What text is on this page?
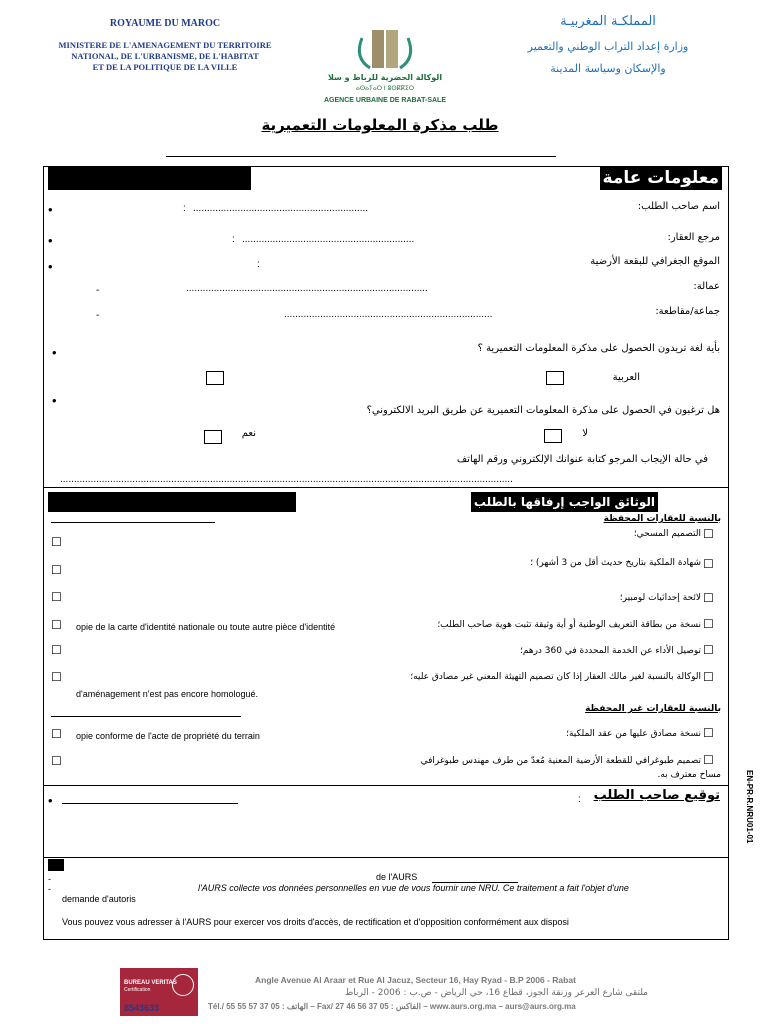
ROYAUME DU MAROC
MINISTERE DE L'AMENAGEMENT DU TERRITOIRE
NATIONAL, DE L'URBANISME, DE L'HABITAT
ET DE LA POLITIQUE DE LA VILLE
المملكـة المغربيـة
وزارة إعداد التراب الوطني والتعمير
والإسكان وسياسة المدينة
الوكالة الحضرية للرباط و سلا
ⴰⵙⴰⵢⴰⵔ ⵏ ⵓⵙⴽⴽⵉⵔ
AGENCE URBAINE DE RABAT-SALE
طلب مذكرة المعلومات التعميرية
معلومات عامة
•	: ...............................................................	اسم صاحب الطلب:
•	: ..............................................................	مرجع العقار:
•	:	الموقع الجغرافي للبقعة الأرضية
-	.......................................................................................	عمالة:
-	...........................................................................	جماعة/مقاطعة:
•	بأية لغة تريدون الحصول على مذكرة المعلومات التعميرية ؟
العربية
•
هل ترغبون في الحصول على مذكرة المعلومات التعميرية عن طريق البريد الالكتروني؟
نعم	لا
في حالة الإيجاب المرجو كتابة عنوانك الإلكتروني ورقم الهاتف
...................................................................................................................................................................
الوثائق الواجب إرفاقها بالطلب
بالنسبة للعقارات المحفظة
☐
☐
التصميم المسحي؛
☐	☐
شهادة الملكية بتاريخ حديث أقل من 3 أشهر) ؛
☐	☐
لائحة إحداثيات لومبير؛
☐ opie de la carte d'identité nationale ou toute autre pièce d'identité	☐
نسخة من بطاقة التعريف الوطنية أو أية وثيقة تثبت هوية صاحب الطلب؛
☐	☐
توصيل الأداء عن الخدمة المحددة في 360 درهم؛
☐	☐
الوكالة بالنسبة لغير مالك العقار إذا كان تصميم التهيئة المعني غير مصادق عليه؛
d'aménagement n'est pas encore homologué.
بالنسبة للعقارات غير المحفظة
☐ opie conforme de l'acte de propriété du terrain	☐
نسخة مصادق عليها من عقد الملكية؛
☐	☐
تصميم طبوغرافي للقطعة الأرضية المعنية مُعدّ من طرف مهندس طبوغرافي
مساح معترف به.
•	: توقيع صاحب الطلب
-	de l'AURS
-	l'AURS collecte vos données personnelles en vue de vous fournir une NRU. Ce traitement a fait l'objet d'une
demande d'autoris
Vous pouvez vous adresser à l'AURS pour exercer vos droits d'accès, de rectification et d'opposition conformément aux disposi
EN-PR-R.NRU01-01
BUREAU VERITAS
Certification
8543633
Angle Avenue Al Araar et Rue Al Jacuz, Secteur 16, Hay Ryad - B.P 2006 - Rabat
ملتقى شارع العرعر وزنقة الجوز، قطاع 16، حي الرياض - ص.ب : 2006 - الرباط
Tél./ الهاتف : 05 37 57 55 55 – Fax/ الفاكس : 05 37 56 46 27 – www.aurs.org.ma – aurs@aurs.org.ma
